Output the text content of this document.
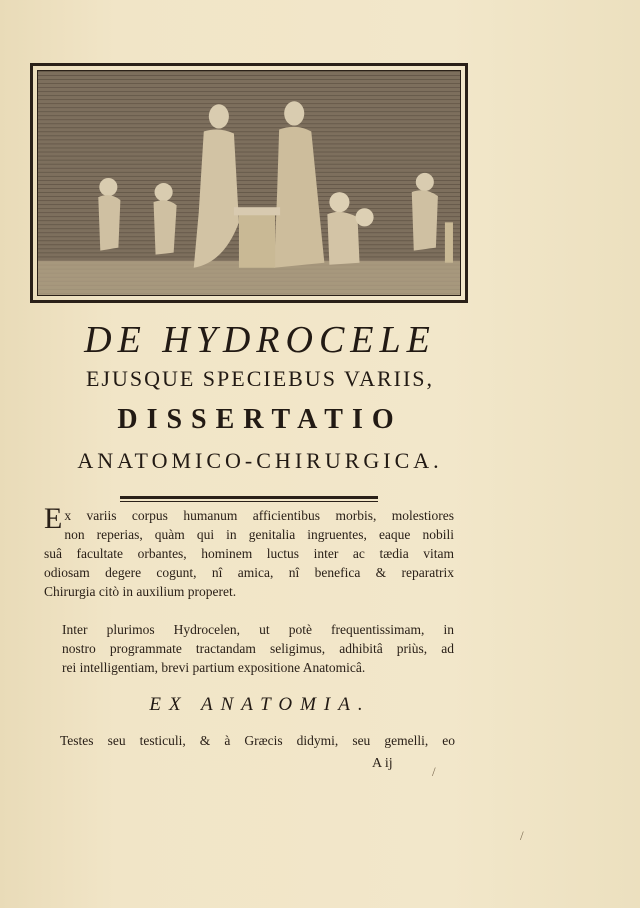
DE HYDROCELE
EJUSQUE SPECIEBUS VARIIS,
DISSERTATIO
ANATOMICO-CHIRURGICA.
E x variis corpus humanum afficientibus morbis, molestiores
non reperias, quàm qui in genitalia ingruentes, eaque nobili
suâ facultate orbantes, hominem luctus inter ac tædia vitam
odiosam degere cogunt, nî amica, nî benefica & reparatrix
Chirurgia citò in auxilium properet.
Inter plurimos Hydrocelen, ut potè frequentissimam, in
nostro programmate tractandam seligimus, adhibitâ priùs, ad
rei intelligentiam, brevi partium expositione Anatomicâ.
EX ANATOMIA.
Testes seu testiculi, & à Græcis didymi, seu gemelli, eo
A ij
/
/
